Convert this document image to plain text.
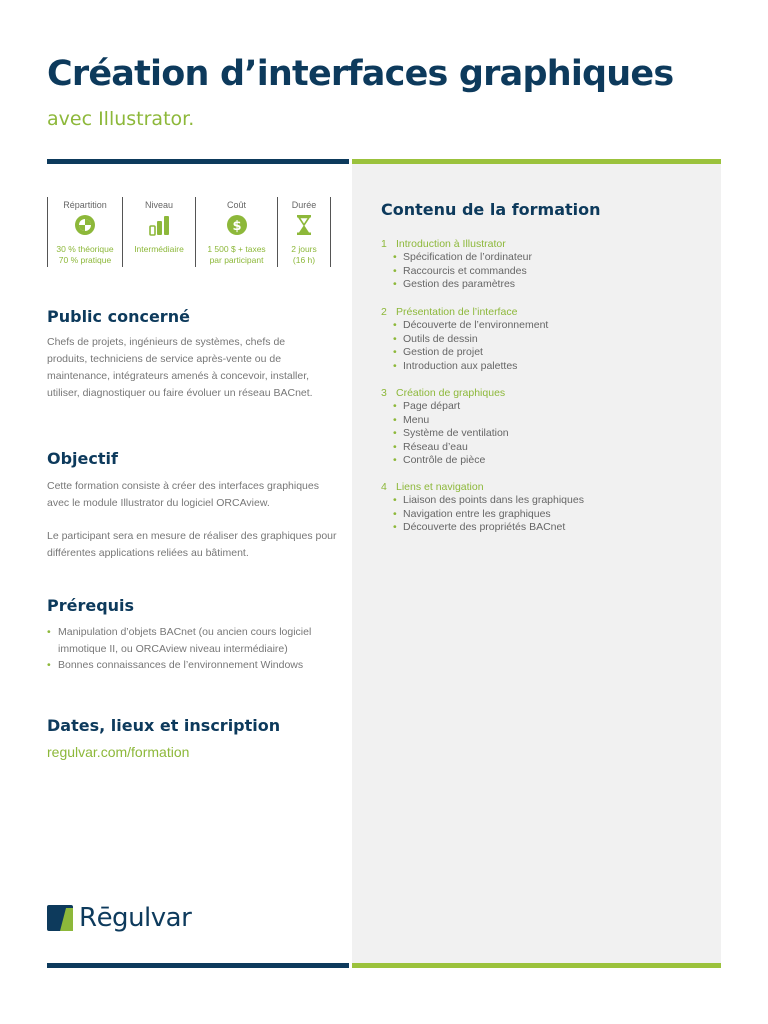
Création d’interfaces graphiques
avec Illustrator.
Répartition
30 % théorique
70 % pratique
Niveau
Intermédiaire
Coût
$
1 500 $ + taxes
par participant
Durée
2 jours
(16 h)
Public concerné

Chefs de projets, ingénieurs de systèmes, chefs de produits, techniciens de service après-vente ou de maintenance, intégrateurs amenés à concevoir, installer, utiliser, diagnostiquer ou faire évoluer un réseau BACnet.

Objectif

Cette formation consiste à créer des interfaces graphiques avec le module Illustrator du logiciel ORCAview.

Le participant sera en mesure de réaliser des graphiques pour différentes applications reliées au bâtiment.

Prérequis
• Manipulation d’objets BACnet (ou ancien cours logiciel immotique II, ou ORCAview niveau intermédiaire)
• Bonnes connaissances de l’environnement Windows
Dates, lieux et inscription
regulvar.com/formation
Contenu de la formation
1 Introduction à Illustrator
• Spécification de l’ordinateur
• Raccourcis et commandes
• Gestion des paramètres
2 Présentation de l’interface
• Découverte de l’environnement
• Outils de dessin
• Gestion de projet
• Introduction aux palettes
3 Création de graphiques
• Page départ
• Menu
• Système de ventilation
• Réseau d’eau
• Contrôle de pièce
4 Liens et navigation
• Liaison des points dans les graphiques
• Navigation entre les graphiques
• Découverte des propriétés BACnet
Rēgulvar
